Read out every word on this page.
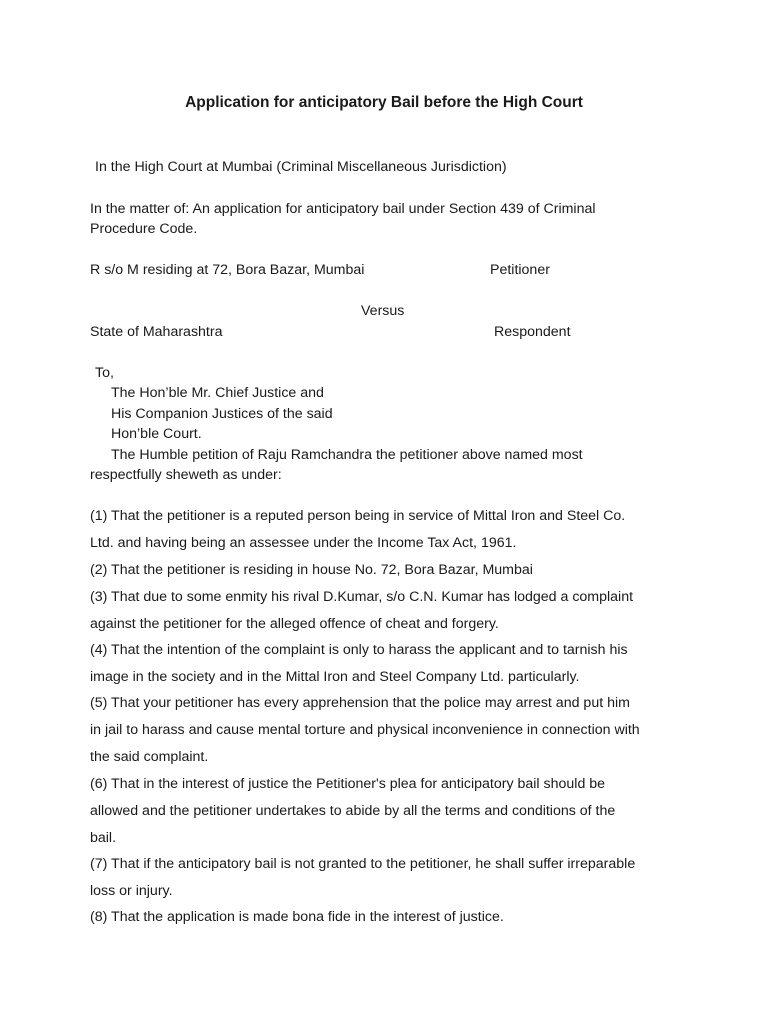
Application for anticipatory Bail before the High Court
In the High Court at Mumbai (Criminal Miscellaneous Jurisdiction)
In the matter of: An application for anticipatory bail under Section 439 of Criminal
Procedure Code.
R s/o M residing at 72, Bora Bazar, Mumbai	Petitioner
Versus
State of Maharashtra	Respondent
To,
The Hon’ble Mr. Chief Justice and
His Companion Justices of the said
Hon’ble Court.
The Humble petition of Raju Ramchandra the petitioner above named most
respectfully sheweth as under:
(1) That the petitioner is a reputed person being in service of Mittal Iron and Steel Co.
Ltd. and having being an assessee under the Income Tax Act, 1961.
(2) That the petitioner is residing in house No. 72, Bora Bazar, Mumbai
(3) That due to some enmity his rival D.Kumar, s/o C.N. Kumar has lodged a complaint
against the petitioner for the alleged offence of cheat and forgery.
(4) That the intention of the complaint is only to harass the applicant and to tarnish his
image in the society and in the Mittal Iron and Steel Company Ltd. particularly.
(5) That your petitioner has every apprehension that the police may arrest and put him
in jail to harass and cause mental torture and physical inconvenience in connection with
the said complaint.
(6) That in the interest of justice the Petitioner's plea for anticipatory bail should be
allowed and the petitioner undertakes to abide by all the terms and conditions of the
bail.
(7) That if the anticipatory bail is not granted to the petitioner, he shall suffer irreparable
loss or injury.
(8) That the application is made bona fide in the interest of justice.
